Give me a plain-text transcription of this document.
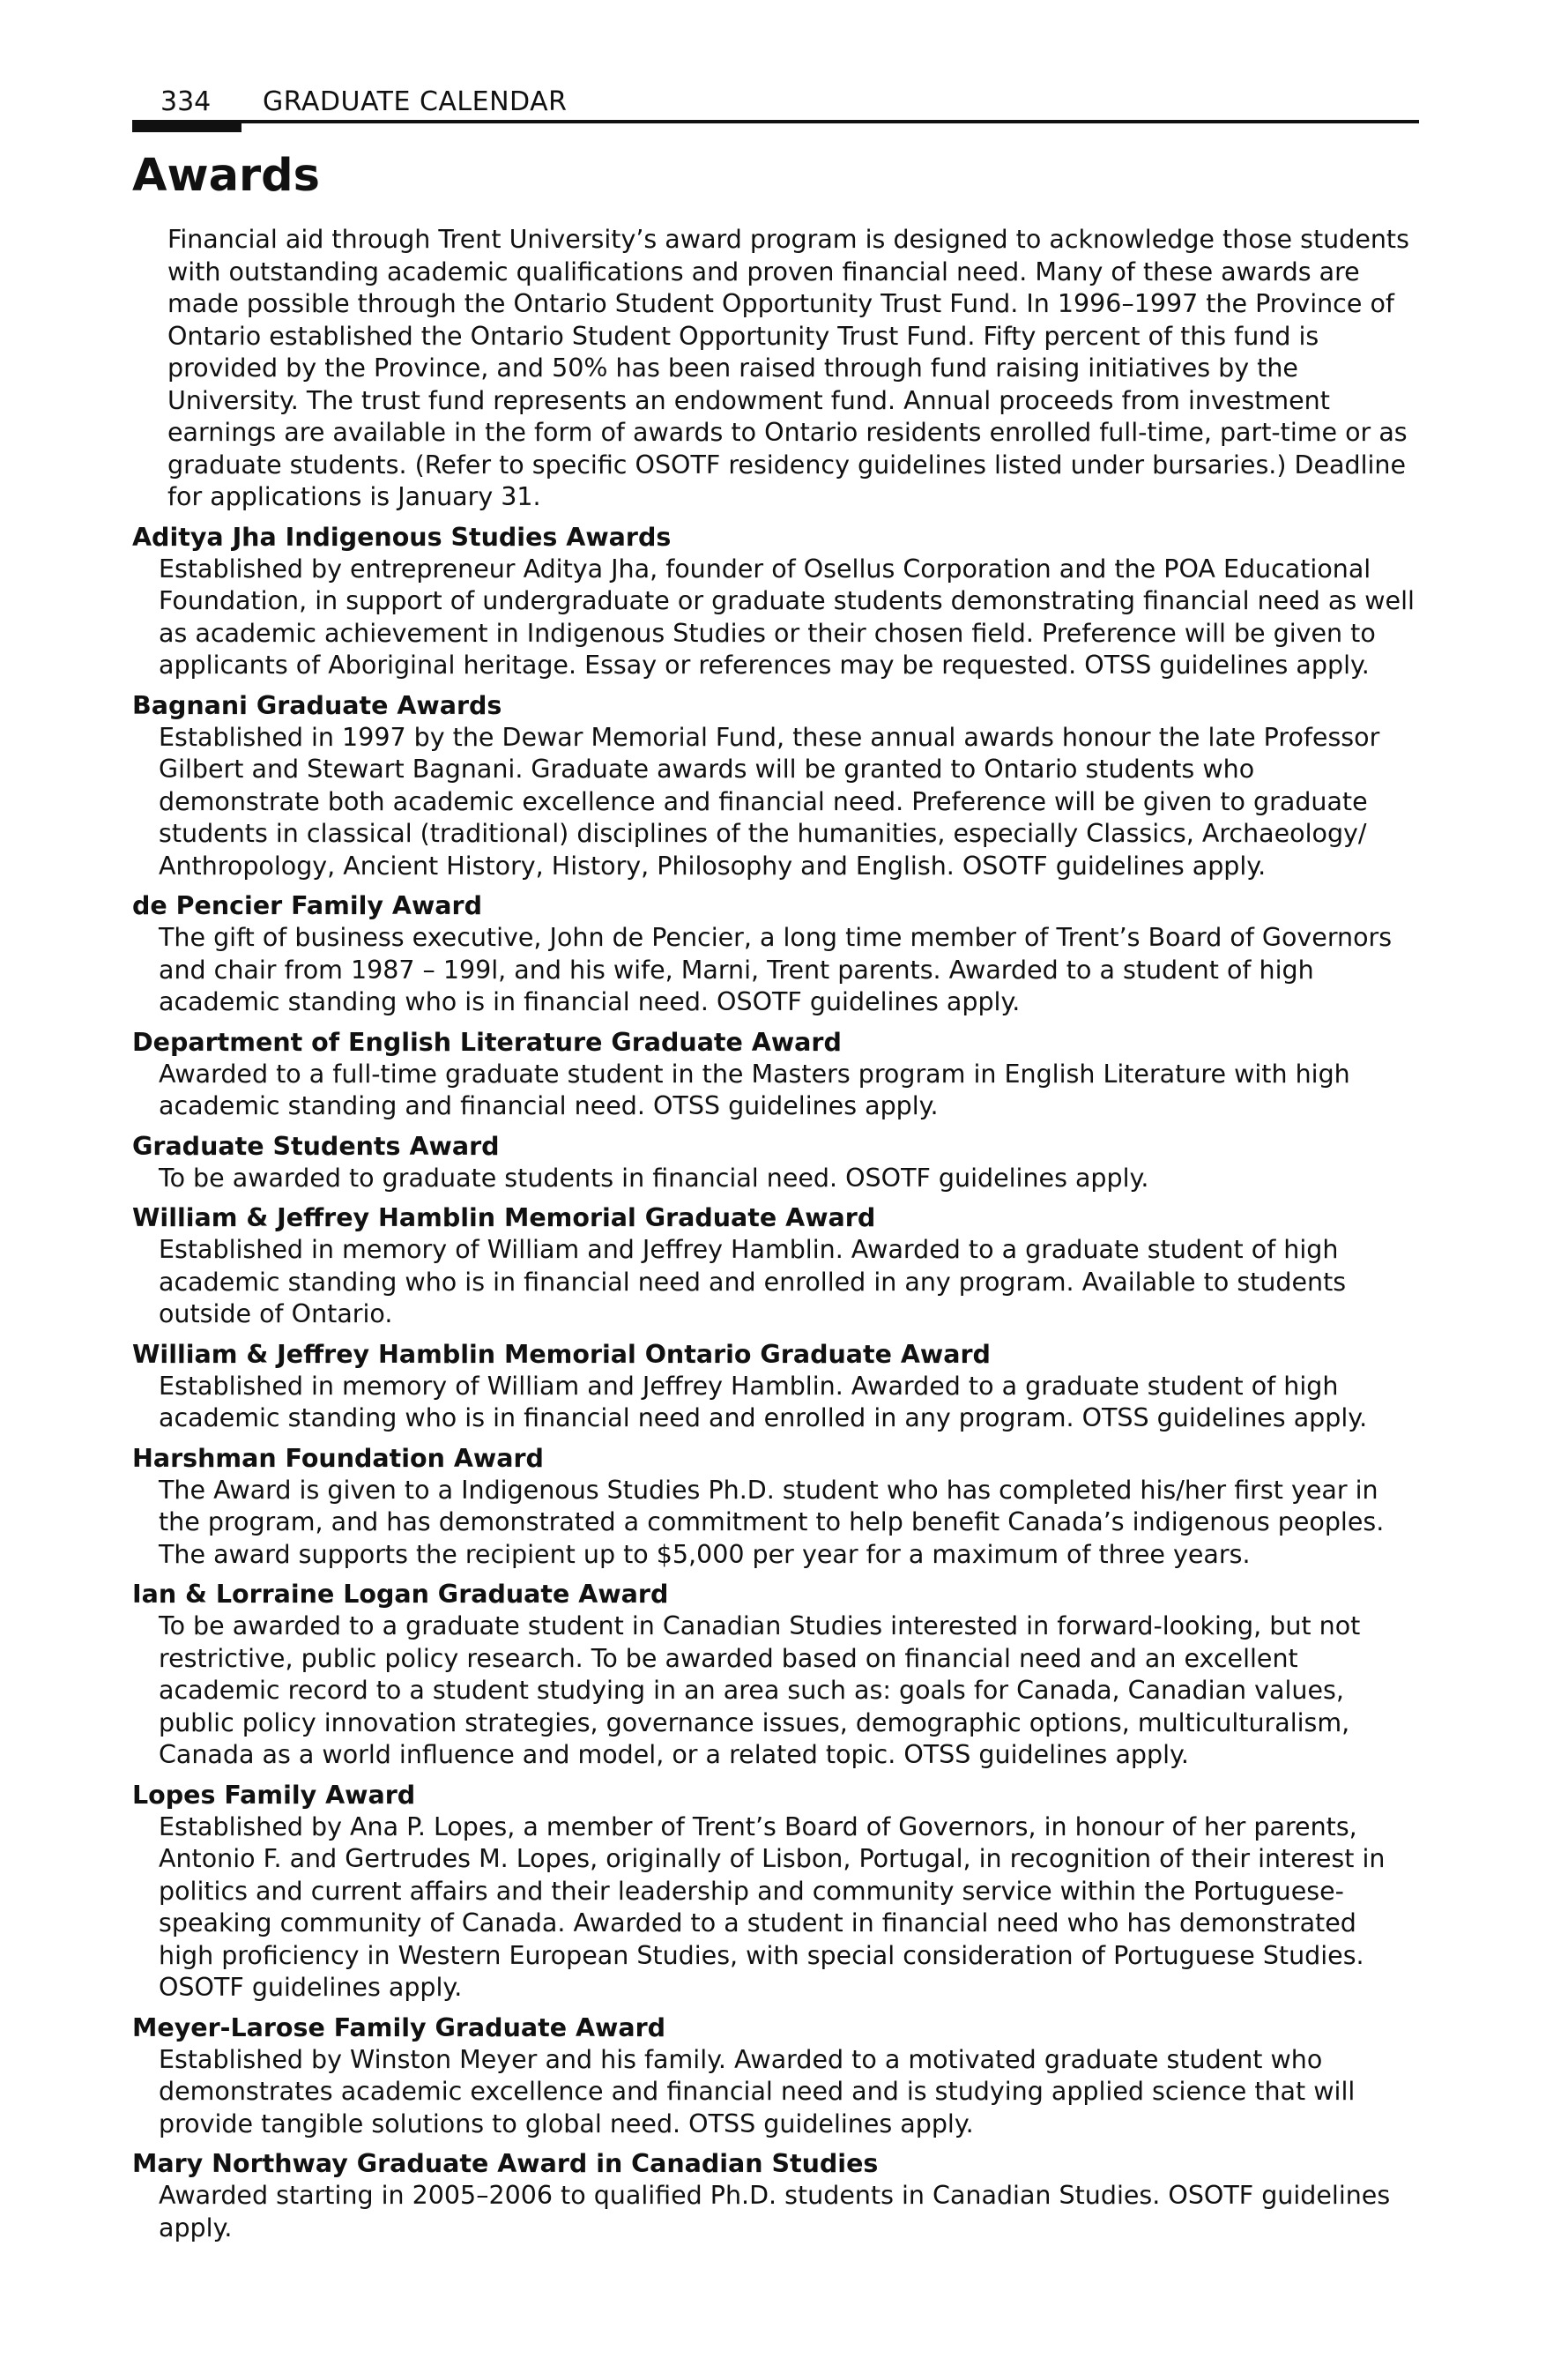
334 GRADUATE CALENDAR
Awards

Financial aid through Trent University’s award program is designed to acknowledge those students with outstanding academic qualifications and proven financial need. Many of these awards are made possible through the Ontario Student Opportunity Trust Fund. In 1996–1997 the Province of Ontario established the Ontario Student Opportunity Trust Fund. Fifty percent of this fund is provided by the Province, and 50% has been raised through fund raising initiatives by the University. The trust fund represents an endowment fund. Annual proceeds from investment earnings are available in the form of awards to Ontario residents enrolled full-time, part-time or as graduate students. (Refer to specific OSOTF residency guidelines listed under bursaries.) Deadline for applications is January 31.

Aditya Jha Indigenous Studies Awards

Established by entrepreneur Aditya Jha, founder of Osellus Corporation and the POA Educational Foundation, in support of undergraduate or graduate students demonstrating financial need as well as academic achievement in Indigenous Studies or their chosen field. Preference will be given to applicants of Aboriginal heritage. Essay or references may be requested. OTSS guidelines apply.

Bagnani Graduate Awards

Established in 1997 by the Dewar Memorial Fund, these annual awards honour the late Professor Gilbert and Stewart Bagnani. Graduate awards will be granted to Ontario students who demonstrate both academic excellence and financial need. Preference will be given to graduate students in classical (traditional) disciplines of the humanities, especially Classics, Archaeology/ Anthropology, Ancient History, History, Philosophy and English. OSOTF guidelines apply.

de Pencier Family Award

The gift of business executive, John de Pencier, a long time member of Trent’s Board of Governors and chair from 1987 – 199l, and his wife, Marni, Trent parents. Awarded to a student of high academic standing who is in financial need. OSOTF guidelines apply.

Department of English Literature Graduate Award

Awarded to a full-time graduate student in the Masters program in English Literature with high academic standing and financial need. OTSS guidelines apply.

Graduate Students Award

To be awarded to graduate students in financial need. OSOTF guidelines apply.

William & Jeffrey Hamblin Memorial Graduate Award

Established in memory of William and Jeffrey Hamblin. Awarded to a graduate student of high academic standing who is in financial need and enrolled in any program. Available to students outside of Ontario.

William & Jeffrey Hamblin Memorial Ontario Graduate Award

Established in memory of William and Jeffrey Hamblin. Awarded to a graduate student of high academic standing who is in financial need and enrolled in any program. OTSS guidelines apply.

Harshman Foundation Award

The Award is given to a Indigenous Studies Ph.D. student who has completed his/her first year in the program, and has demonstrated a commitment to help benefit Canada’s indigenous peoples. The award supports the recipient up to $5,000 per year for a maximum of three years.

Ian & Lorraine Logan Graduate Award

To be awarded to a graduate student in Canadian Studies interested in forward-looking, but not restrictive, public policy research. To be awarded based on financial need and an excellent academic record to a student studying in an area such as: goals for Canada, Canadian values, public policy innovation strategies, governance issues, demographic options, multiculturalism, Canada as a world influence and model, or a related topic. OTSS guidelines apply.

Lopes Family Award

Established by Ana P. Lopes, a member of Trent’s Board of Governors, in honour of her parents, Antonio F. and Gertrudes M. Lopes, originally of Lisbon, Portugal, in recognition of their interest in politics and current affairs and their leadership and community service within the Portuguese-speaking community of Canada. Awarded to a student in financial need who has demonstrated high proficiency in Western European Studies, with special consideration of Portuguese Studies. OSOTF guidelines apply.

Meyer-Larose Family Graduate Award

Established by Winston Meyer and his family. Awarded to a motivated graduate student who demonstrates academic excellence and financial need and is studying applied science that will provide tangible solutions to global need. OTSS guidelines apply.

Mary Northway Graduate Award in Canadian Studies

Awarded starting in 2005–2006 to qualified Ph.D. students in Canadian Studies. OSOTF guidelines apply.
